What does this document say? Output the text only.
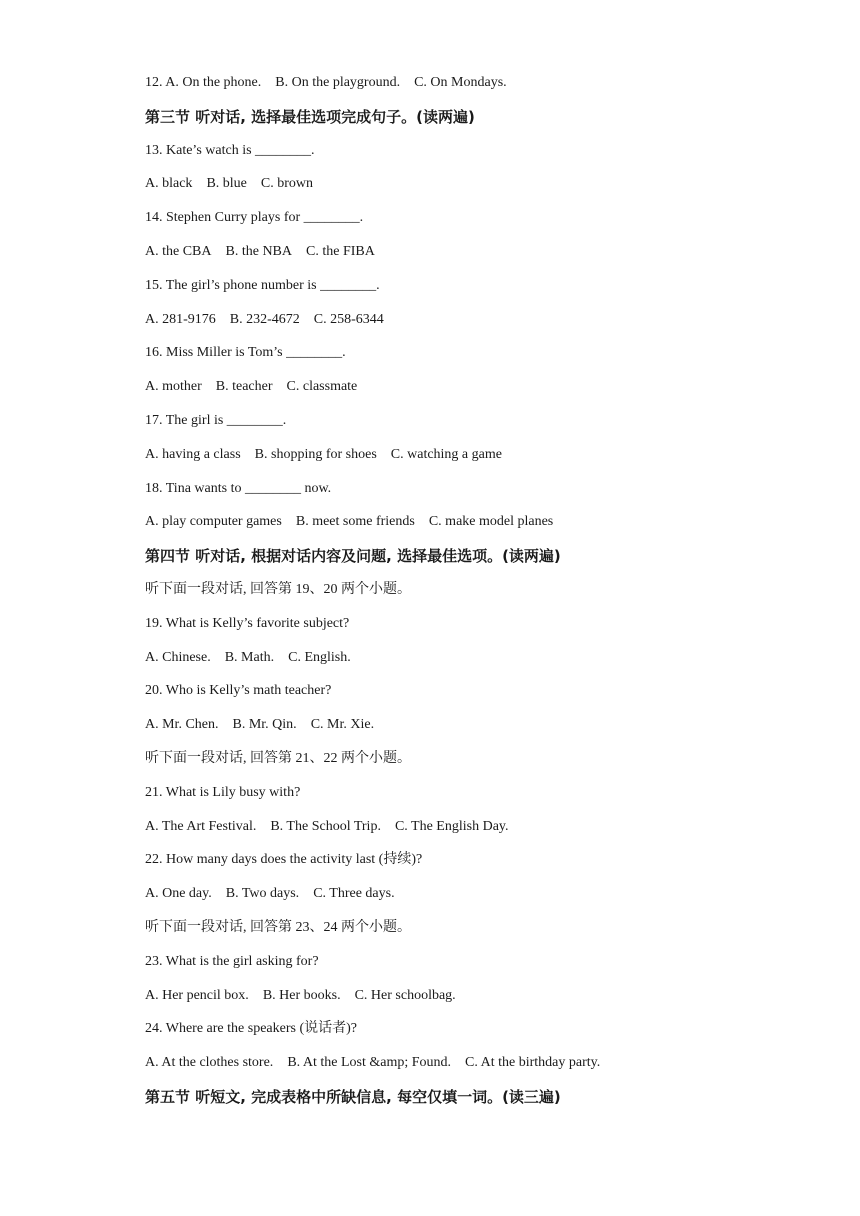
12. A. On the phone. B. On the playground. C. On Mondays.
第三节 听对话, 选择最佳选项完成句子。(读两遍)
13. Kate’s watch is ________.
A. black B. blue C. brown
14. Stephen Curry plays for ________.
A. the CBA B. the NBA C. the FIBA
15. The girl’s phone number is ________.
A. 281-9176 B. 232-4672 C. 258-6344
16. Miss Miller is Tom’s ________.
A. mother B. teacher C. classmate
17. The girl is ________.
A. having a class B. shopping for shoes C. watching a game
18. Tina wants to ________ now.
A. play computer games B. meet some friends C. make model planes
第四节 听对话, 根据对话内容及问题, 选择最佳选项。(读两遍)
听下面一段对话, 回答第 19、20 两个小题。
19. What is Kelly’s favorite subject?
A. Chinese. B. Math. C. English.
20. Who is Kelly’s math teacher?
A. Mr. Chen. B. Mr. Qin. C. Mr. Xie.
听下面一段对话, 回答第 21、22 两个小题。
21. What is Lily busy with?
A. The Art Festival. B. The School Trip. C. The English Day.
22. How many days does the activity last (持续)?
A. One day. B. Two days. C. Three days.
听下面一段对话, 回答第 23、24 两个小题。
23. What is the girl asking for?
A. Her pencil box. B. Her books. C. Her schoolbag.
24. Where are the speakers (说话者)?
A. At the clothes store. B. At the Lost &amp; Found. C. At the birthday party.
第五节 听短文, 完成表格中所缺信息, 每空仅填一词。(读三遍)
